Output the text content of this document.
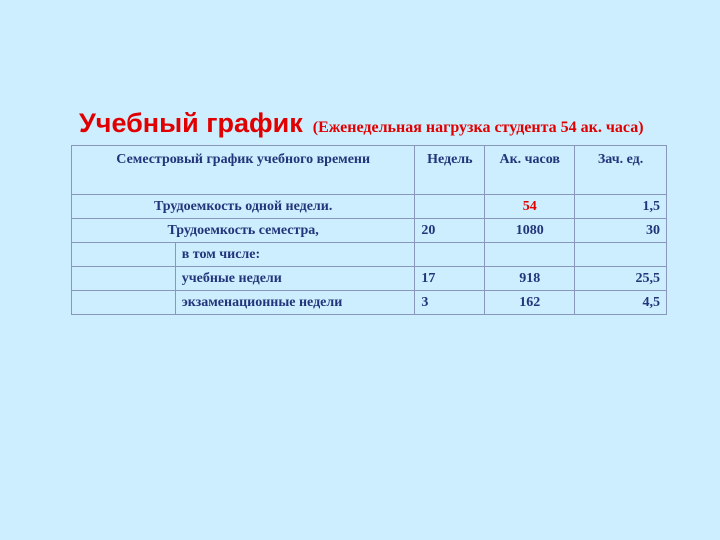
Учебный график (Еженедельная нагрузка студента 54 ак. часа)
Семестровый график учебного времени		Недель	Ак. часов	Зач. ед.
Трудоемкость одной недели.			54	1,5
Трудоемкость семестра,		20	1080	30
	в том числе:			
	учебные недели	17	918	25,5
	экзаменационные недели	3	162	4,5
